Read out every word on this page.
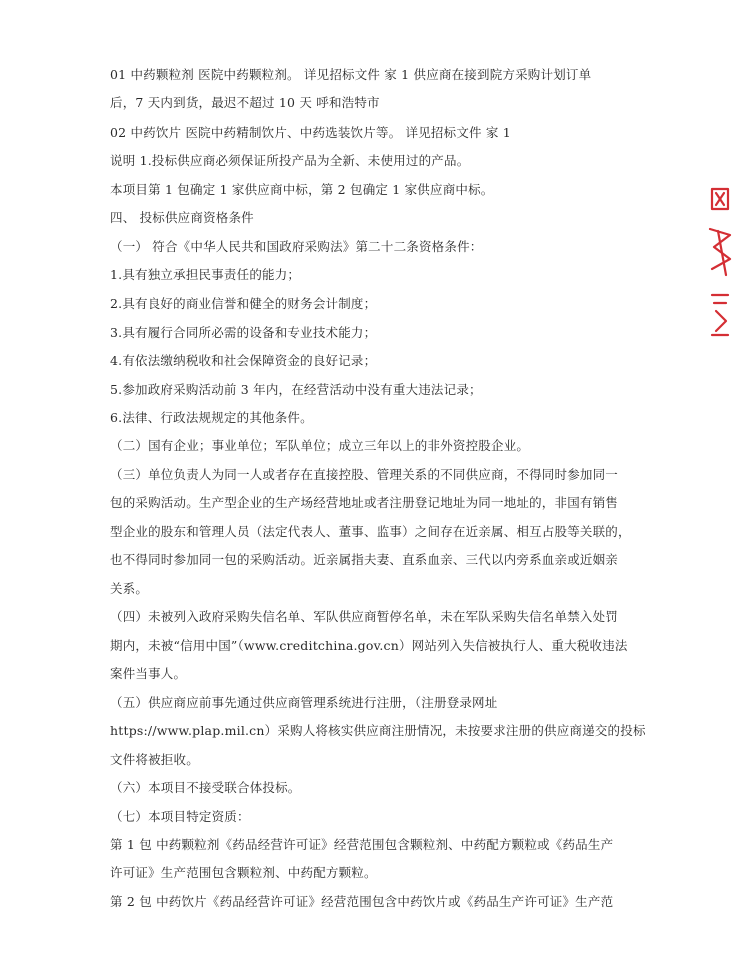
01 中药颗粒剂 医院中药颗粒剂。 详见招标文件 家 1 供应商在接到院方采购计划订单
后，7 天内到货，最迟不超过 10 天 呼和浩特市
02 中药饮片 医院中药精制饮片、中药选装饮片等。 详见招标文件 家 1
说明 1.投标供应商必须保证所投产品为全新、未使用过的产品。
本项目第 1 包确定 1 家供应商中标，第 2 包确定 1 家供应商中标。
四、 投标供应商资格条件
（一） 符合《中华人民共和国政府采购法》第二十二条资格条件：
1.具有独立承担民事责任的能力；
2.具有良好的商业信誉和健全的财务会计制度；
3.具有履行合同所必需的设备和专业技术能力；
4.有依法缴纳税收和社会保障资金的良好记录；
5.参加政府采购活动前 3 年内，在经营活动中没有重大违法记录；
6.法律、行政法规规定的其他条件。
（二）国有企业；事业单位；军队单位；成立三年以上的非外资控股企业。
（三）单位负责人为同一人或者存在直接控股、管理关系的不同供应商，不得同时参加同一
包的采购活动。生产型企业的生产场经营地址或者注册登记地址为同一地址的，非国有销售
型企业的股东和管理人员（法定代表人、董事、监事）之间存在近亲属、相互占股等关联的，
也不得同时参加同一包的采购活动。近亲属指夫妻、直系血亲、三代以内旁系血亲或近姻亲
关系。
（四）未被列入政府采购失信名单、军队供应商暂停名单，未在军队采购失信名单禁入处罚
期内，未被“信用中国”（www.creditchina.gov.cn）网站列入失信被执行人、重大税收违法
案件当事人。
（五）供应商应前事先通过供应商管理系统进行注册，（注册登录网址
https://www.plap.mil.cn）采购人将核实供应商注册情况，未按要求注册的供应商递交的投标
文件将被拒收。
（六）本项目不接受联合体投标。
（七）本项目特定资质：
第 1 包 中药颗粒剂《药品经营许可证》经营范围包含颗粒剂、中药配方颗粒或《药品生产
许可证》生产范围包含颗粒剂、中药配方颗粒。
第 2 包 中药饮片《药品经营许可证》经营范围包含中药饮片或《药品生产许可证》生产范
